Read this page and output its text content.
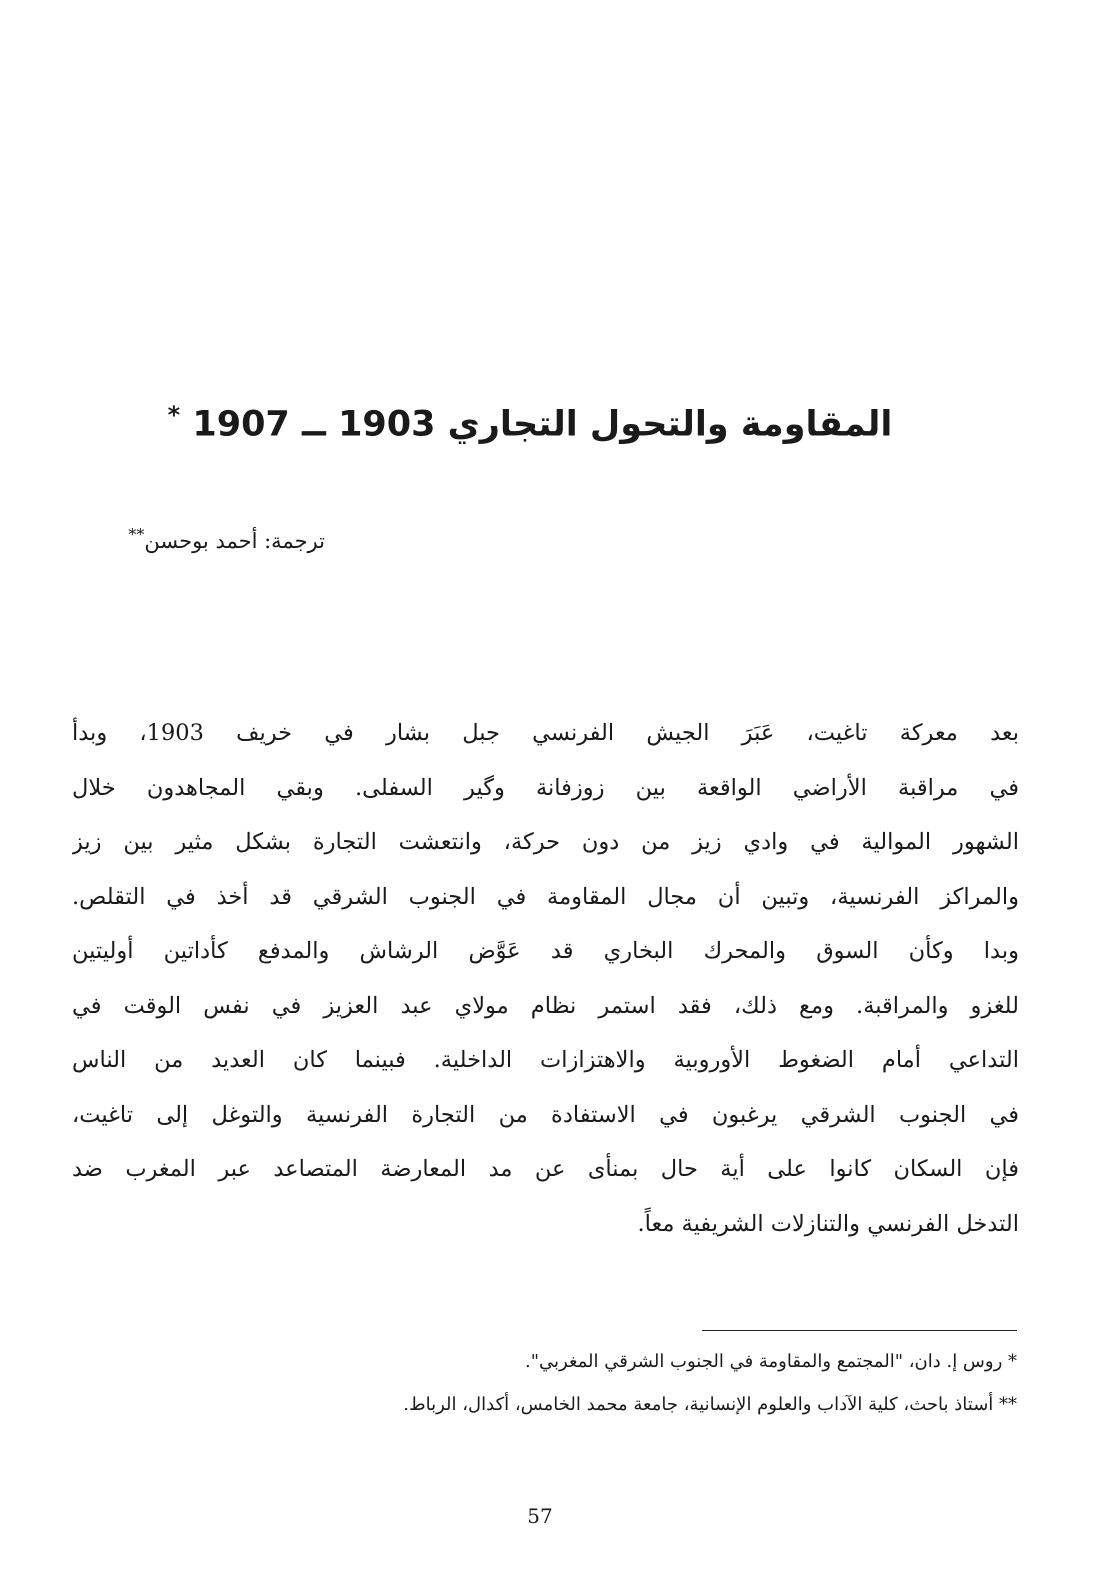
المقاومة والتحول التجاري 1903 ــ 1907 *
ترجمة: أحمد بوحسن**
بعد معركة تاغيت، عَبَرَ الجيش الفرنسي جبل بشار في خريف 1903، وبدأ
في مراقبة الأراضي الواقعة بين زوزفانة وگير السفلى. وبقي المجاهدون خلال
الشهور الموالية في وادي زيز من دون حركة، وانتعشت التجارة بشكل مثير بين زيز
والمراكز الفرنسية، وتبين أن مجال المقاومة في الجنوب الشرقي قد أخذ في التقلص.
وبدا وكأن السوق والمحرك البخاري قد عَوَّض الرشاش والمدفع كأداتين أوليتين
للغزو والمراقبة. ومع ذلك، فقد استمر نظام مولاي عبد العزيز في نفس الوقت في
التداعي أمام الضغوط الأوروبية والاهتزازات الداخلية. فبينما كان العديد من الناس
في الجنوب الشرقي يرغبون في الاستفادة من التجارة الفرنسية والتوغل إلى تاغيت،
فإن السكان كانوا على أية حال بمنأى عن مد المعارضة المتصاعد عبر المغرب ضد
التدخل الفرنسي والتنازلات الشريفية معاً.
* روس إ. دان، "المجتمع والمقاومة في الجنوب الشرقي المغربي".
** أستاذ باحث، كلية الآداب والعلوم الإنسانية، جامعة محمد الخامس، أكدال، الرباط.
57
